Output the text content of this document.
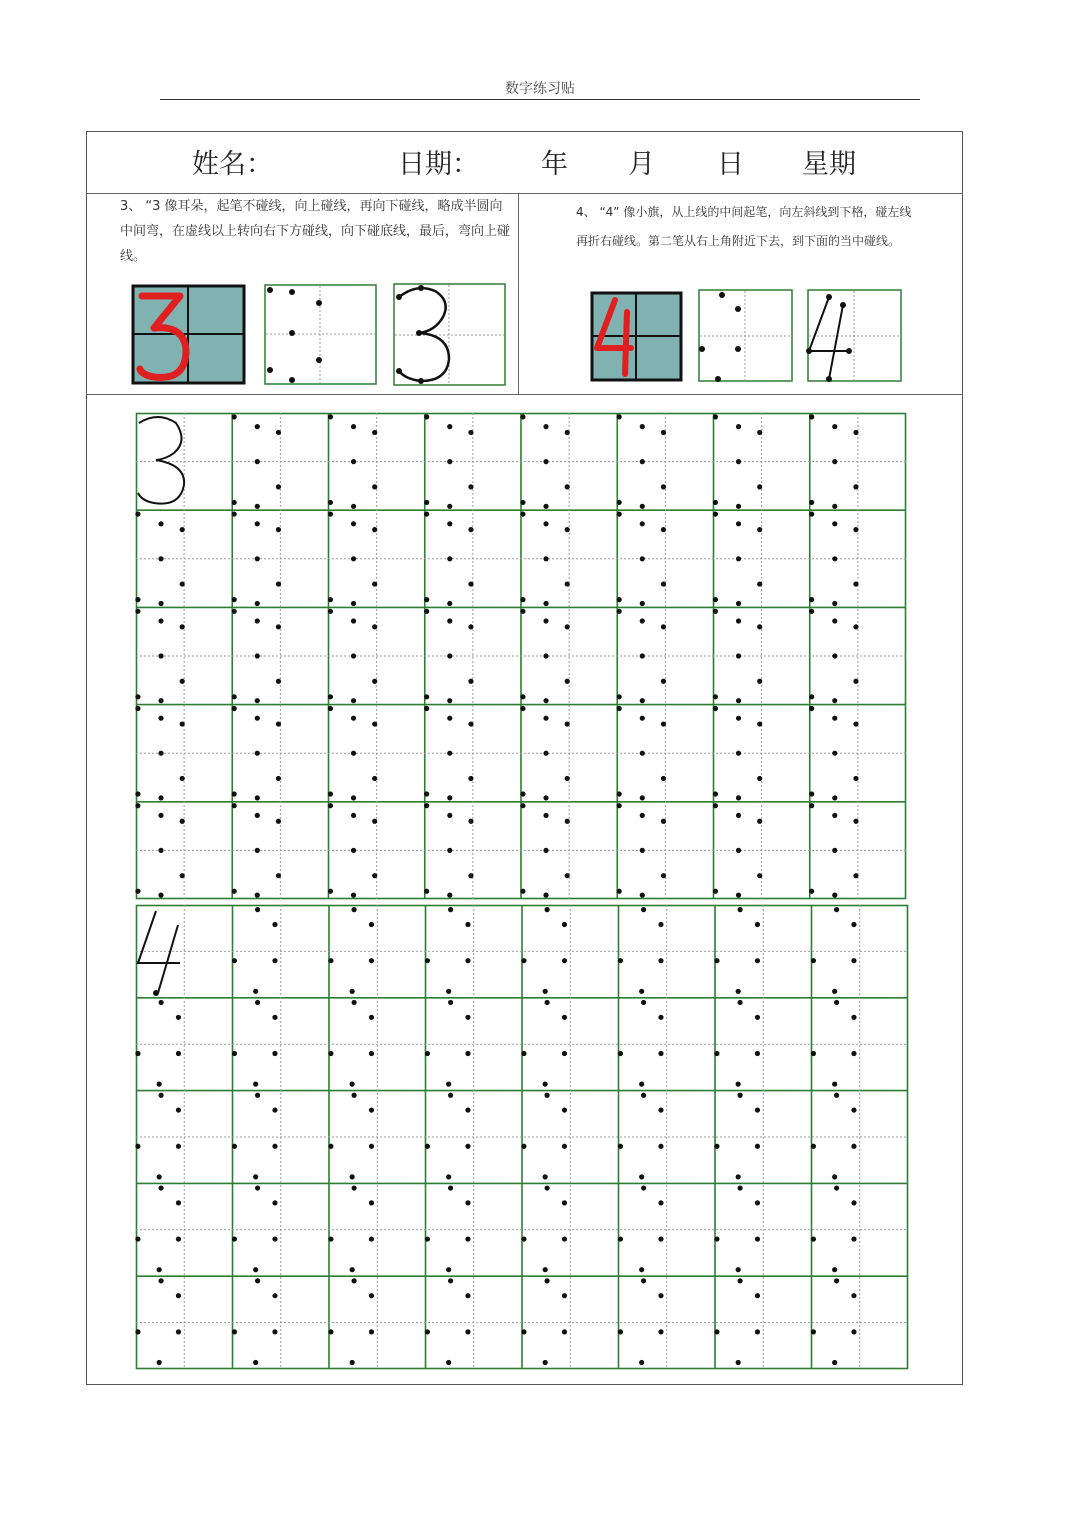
数字练习贴
姓名：	日期： 年 月 日 星期
3、 “3 像耳朵，起笔不碰线，向上碰线，再向下碰线，略成半圆向中间弯，在虚线以上转向右下方碰线，向下碰底线，最后，弯向上碰线。
4、 “4” 像小旗，从上线的中间起笔，向左斜线到下格，碰左线再折右碰线。第二笔从右上角附近下去，到下面的当中碰线。
